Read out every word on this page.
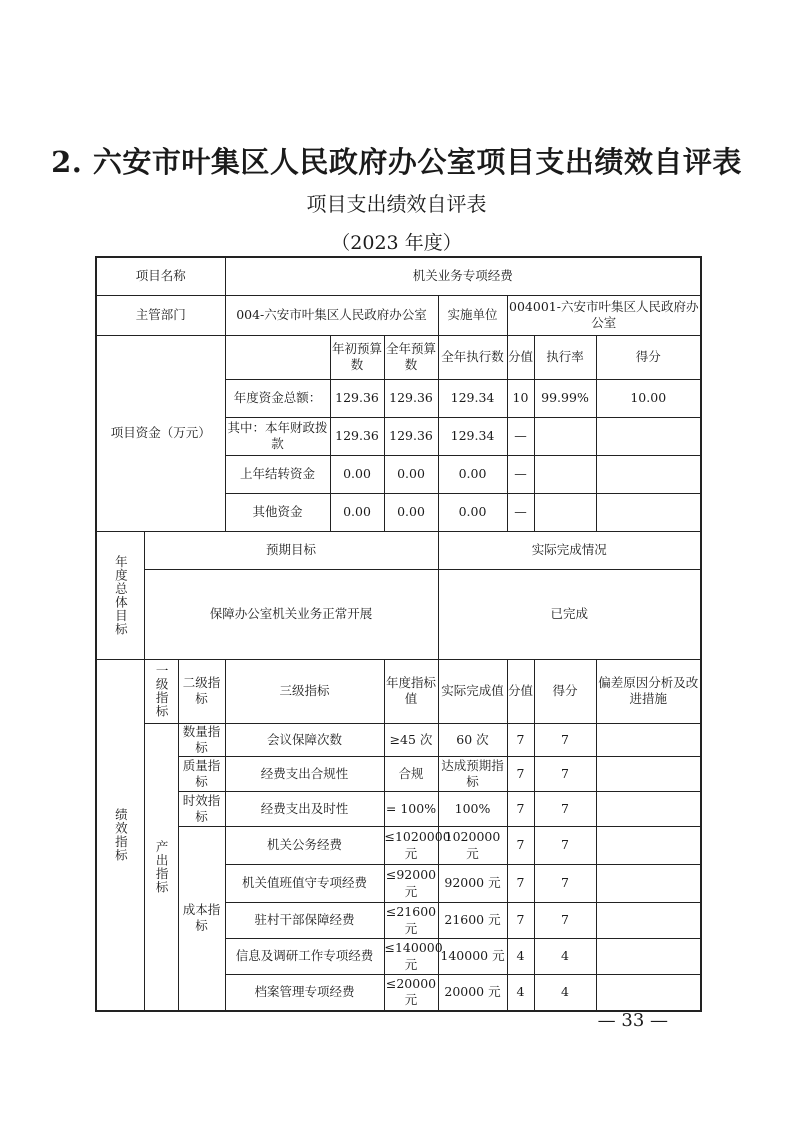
2. 六安市叶集区人民政府办公室项目支出绩效自评表
项目支出绩效自评表
（2023 年度）
项目名称			机关业务专项经费						
主管部门			004-六安市叶集区人民政府办公室			实施单位	004001-六安市叶集区人民政府办公室		
项目资金（万元）				年初预算数	全年预算数	全年执行数	分值	执行率	得分
			年度资金总额：	129.36	129.36	129.34	10	99.99%	10.00
			其中：本年财政拨款	129.36	129.36	129.34	—		
			上年结转资金	0.00	0.00	0.00	—		
			其他资金	0.00	0.00	0.00	—		

年度总体目标	预期目标					实际完成情况			
	保障办公室机关业务正常开展					已完成			

绩效指标	一级指标	二级指标	三级指标		年度指标值	实际完成值	分值	得分	偏差原因分析及改进措施

	产出指标	数量指标	会议保障次数		≥45 次	60 次	7	7	
		质量指标	经费支出合规性		合规	达成预期指标	7	7	
		时效指标	经费支出及时性		= 100%	100%	7	7	
		成本指标	机关公务经费		≤1020000 元	1020000 元	7	7	
			机关值班值守专项经费		≤92000 元	92000 元	7	7	
			驻村干部保障经费		≤21600 元	21600 元	7	7	
			信息及调研工作专项经费		≤140000 元	140000 元	4	4	
			档案管理专项经费		≤20000 元	20000 元	4	4	
— 33 —
